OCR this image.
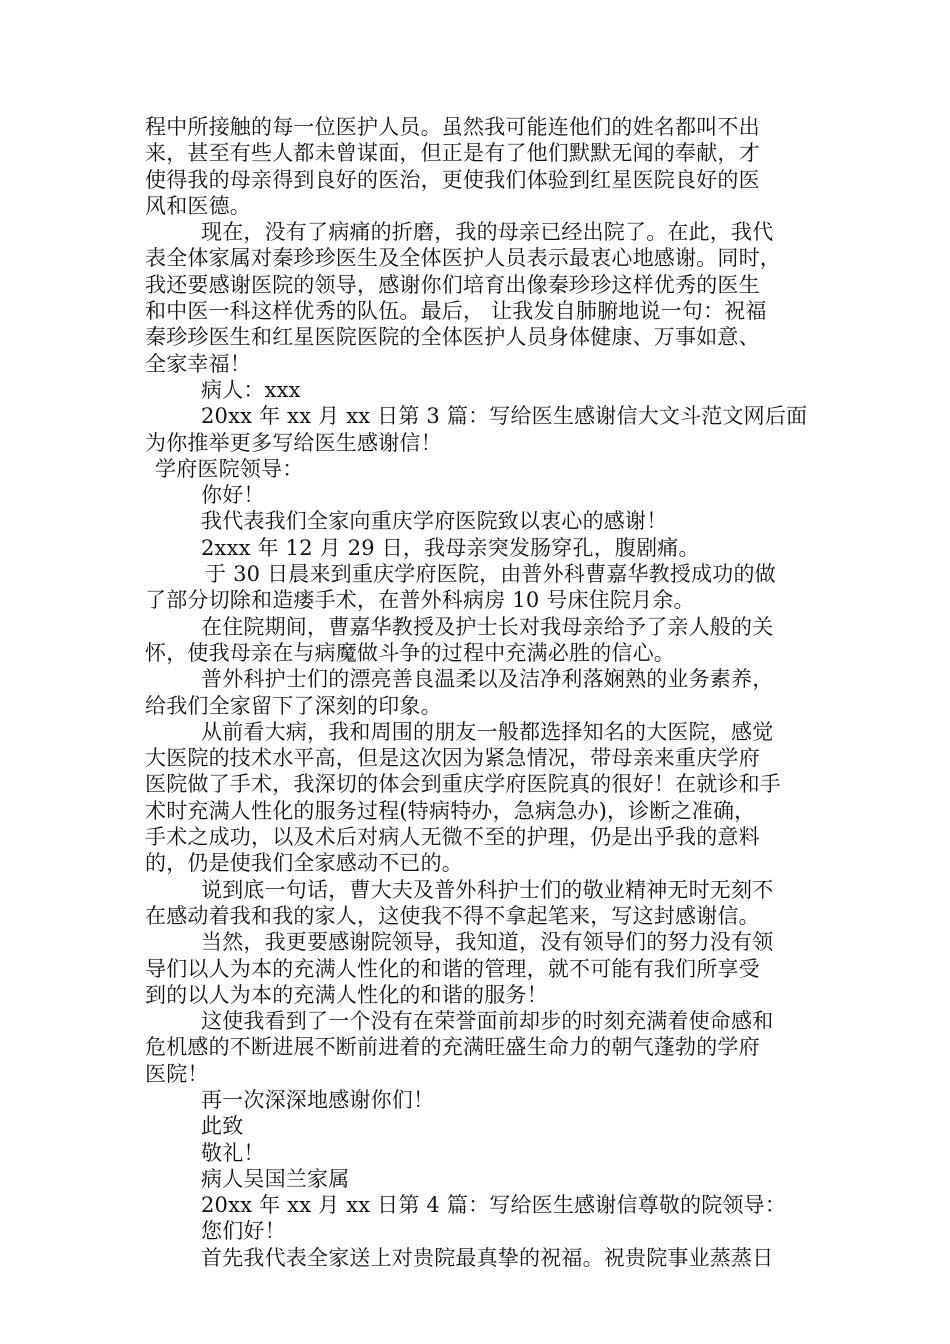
程中所接触的每一位医护人员。虽然我可能连他们的姓名都叫不出
来，甚至有些人都未曾谋面，但正是有了他们默默无闻的奉献，才
使得我的母亲得到良好的医治，更使我们体验到红星医院良好的医
风和医德。
现在，没有了病痛的折磨，我的母亲已经出院了。在此，我代
表全体家属对秦珍珍医生及全体医护人员表示最衷心地感谢。同时，
我还要感谢医院的领导，感谢你们培育出像秦珍珍这样优秀的医生
和中医一科这样优秀的队伍。最后， 让我发自肺腑地说一句：祝福
秦珍珍医生和红星医院医院的全体医护人员身体健康、万事如意、
全家幸福！
病人：xxx
20xx 年 xx 月 xx 日第 3 篇：写给医生感谢信大文斗范文网后面
为你推举更多写给医生感谢信！
学府医院领导：
你好！
我代表我们全家向重庆学府医院致以衷心的感谢！
2xxx 年 12 月 29 日，我母亲突发肠穿孔，腹剧痛。
于 30 日晨来到重庆学府医院，由普外科曹嘉华教授成功的做
了部分切除和造瘘手术，在普外科病房 10 号床住院月余。
在住院期间，曹嘉华教授及护士长对我母亲给予了亲人般的关
怀，使我母亲在与病魔做斗争的过程中充满必胜的信心。
普外科护士们的漂亮善良温柔以及洁净利落娴熟的业务素养，
给我们全家留下了深刻的印象。
从前看大病，我和周围的朋友一般都选择知名的大医院，感觉
大医院的技术水平高，但是这次因为紧急情况，带母亲来重庆学府
医院做了手术，我深切的体会到重庆学府医院真的很好！在就诊和手
术时充满人性化的服务过程(特病特办，急病急办)，诊断之准确，
手术之成功，以及术后对病人无微不至的护理，仍是出乎我的意料
的，仍是使我们全家感动不已的。
说到底一句话，曹大夫及普外科护士们的敬业精神无时无刻不
在感动着我和我的家人，这使我不得不拿起笔来，写这封感谢信。
当然，我更要感谢院领导，我知道，没有领导们的努力没有领
导们以人为本的充满人性化的和谐的管理，就不可能有我们所享受
到的以人为本的充满人性化的和谐的服务！
这使我看到了一个没有在荣誉面前却步的时刻充满着使命感和
危机感的不断进展不断前进着的充满旺盛生命力的朝气蓬勃的学府
医院！
再一次深深地感谢你们！
此致
敬礼！
病人吴国兰家属
20xx 年 xx 月 xx 日第 4 篇：写给医生感谢信尊敬的院领导：
您们好！
首先我代表全家送上对贵院最真挚的祝福。祝贵院事业蒸蒸日
